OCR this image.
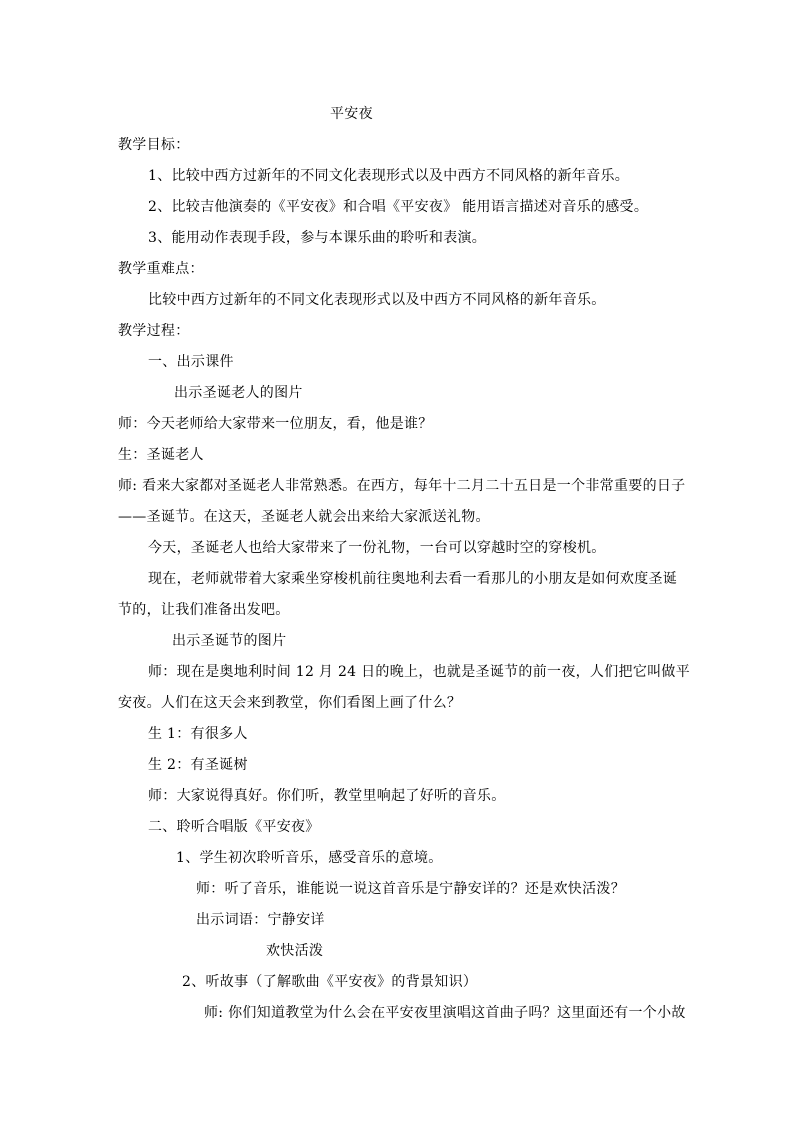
平安夜
教学目标：
1、比较中西方过新年的不同文化表现形式以及中西方不同风格的新年音乐。
2、比较吉他演奏的《平安夜》和合唱《平安夜》 能用语言描述对音乐的感受。
3、能用动作表现手段，参与本课乐曲的聆听和表演。
教学重难点：
比较中西方过新年的不同文化表现形式以及中西方不同风格的新年音乐。
教学过程：
一、出示课件
出示圣诞老人的图片
师：今天老师给大家带来一位朋友，看，他是谁？
生：圣诞老人
师: 看来大家都对圣诞老人非常熟悉。在西方，每年十二月二十五日是一个非常重要的日子
——圣诞节。在这天，圣诞老人就会出来给大家派送礼物。
今天，圣诞老人也给大家带来了一份礼物，一台可以穿越时空的穿梭机。
现在，老师就带着大家乘坐穿梭机前往奥地利去看一看那儿的小朋友是如何欢度圣诞
节的，让我们准备出发吧。
出示圣诞节的图片
师：现在是奥地利时间 12 月 24 日的晚上，也就是圣诞节的前一夜，人们把它叫做平
安夜。人们在这天会来到教堂，你们看图上画了什么？
生 1：有很多人
生 2：有圣诞树
师：大家说得真好。你们听，教堂里响起了好听的音乐。
二、聆听合唱版《平安夜》
1、学生初次聆听音乐，感受音乐的意境。
师：听了音乐，谁能说一说这首音乐是宁静安详的？还是欢快活泼？
出示词语：宁静安详
欢快活泼
2、听故事（了解歌曲《平安夜》的背景知识）
师: 你们知道教堂为什么会在平安夜里演唱这首曲子吗？这里面还有一个小故
